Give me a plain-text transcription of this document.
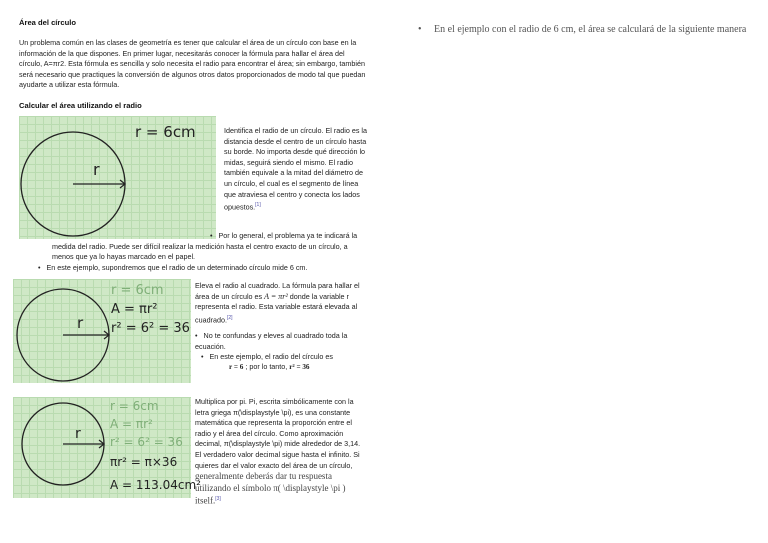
Área del círculo
Un problema común en las clases de geometría es tener que calcular el área de un círculo con base en la información de la que dispones. En primer lugar, necesitarás conocer la fórmula para hallar el área del círculo, A=πr2. Esta fórmula es sencilla y solo necesita el radio para encontrar el área; sin embargo, también será necesario que practiques la conversión de algunos otros datos proporcionados de modo tal que puedan ayudarte a utilizar esta fórmula.
Calcular el área utilizando el radio
r
r = 6cm	Identifica el radio de un círculo. El radio es la distancia desde el centro de un círculo hasta su borde. No importa desde qué dirección lo midas, seguirá siendo el mismo. El radio también equivale a la mitad del diámetro de un círculo, el cual es el segmento de línea que atraviesa el centro y conecta los lados opuestos.[1]
•   Por lo general, el problema ya te indicará la medida del radio. Puede ser difícil realizar la medición hasta el centro exacto de un círculo, a menos que ya lo hayas marcado en el papel.
•   En este ejemplo, supondremos que el radio de un determinado círculo mide 6 cm.
r
r = 6cm
A = πr²
r² = 6² = 36
Eleva el radio al cuadrado. La fórmula para hallar el área de un círculo es A = πr² donde la variable r representa el radio. Esta variable estará elevada al cuadrado.[2]
•   No te confundas y eleves al cuadrado toda la ecuación.
•   En este ejemplo, el radio del círculo es
r = 6 ; por lo tanto, r² = 36
r
r = 6cm
A = πr²
r² = 6² = 36
πr² = π×36
A = 113.04cm²
Multiplica por pi. Pi, escrita simbólicamente con la letra griega π(\displaystyle \pi), es una constante matemática que representa la proporción entre el radio y el área del círculo. Como aproximación decimal, π(\displaystyle \pi) mide alrededor de 3,14. El verdadero valor decimal sigue hasta el infinito. Si quieres dar el valor exacto del área de un círculo, generalmente deberás dar tu respuesta utilizando el símbolo π( \displaystyle \pi ) itself.[3]
• En el ejemplo con el radio de 6 cm, el área se calculará de la siguiente manera
